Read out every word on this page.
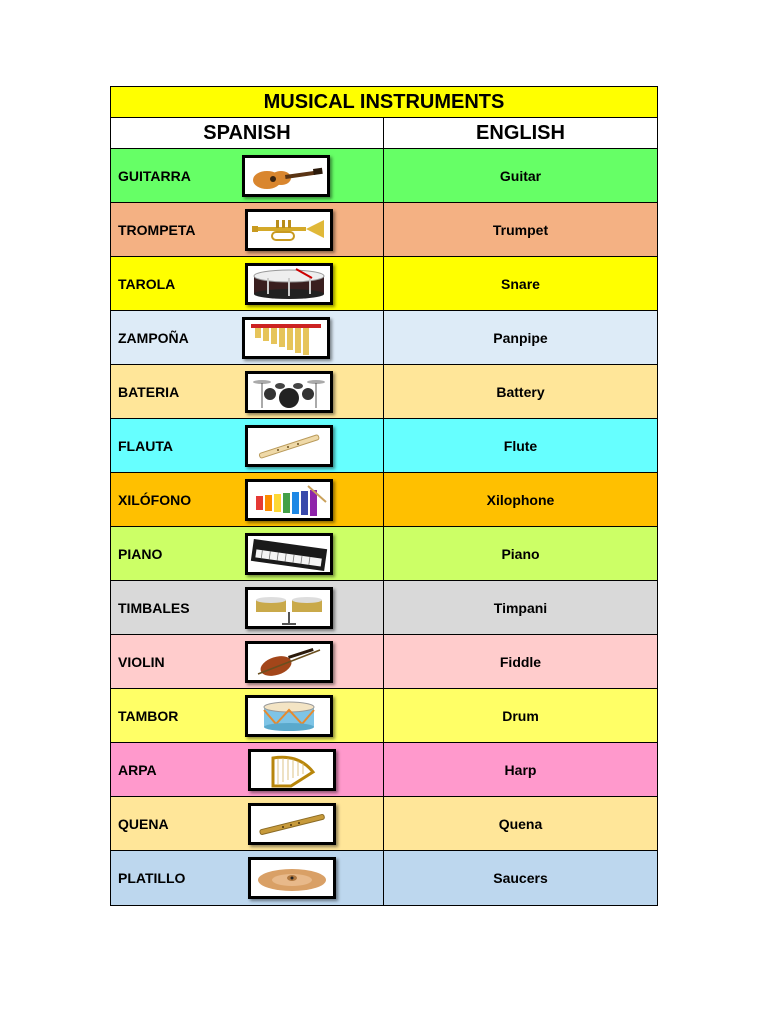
MUSICAL INSTRUMENTS
SPANISH	ENGLISH
GUITARRA	Guitar
TROMPETA	Trumpet
TAROLA	Snare
ZAMPOÑA	Panpipe
BATERIA	Battery
FLAUTA	Flute
XILÓFONO	Xilophone
PIANO	Piano
TIMBALES	Timpani
VIOLIN	Fiddle
TAMBOR	Drum
ARPA	Harp
QUENA	Quena
PLATILLO	Saucers
